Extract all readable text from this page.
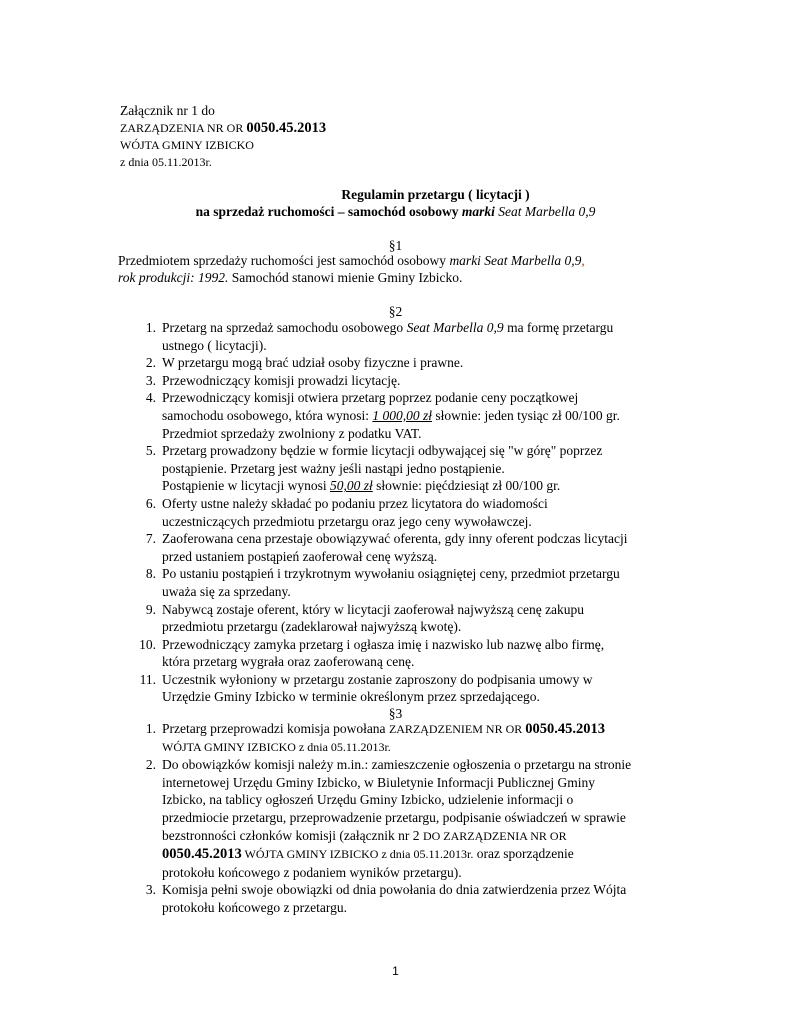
Załącznik nr 1 do
ZARZĄDZENIA NR OR 0050.45.2013
WÓJTA GMINY IZBICKO
z dnia 05.11.2013r.
Regulamin przetargu ( licytacji )
na sprzedaż ruchomości – samochód osobowy marki Seat Marbella 0,9
§1
Przedmiotem sprzedaży ruchomości jest samochód osobowy marki Seat Marbella 0,9,
rok produkcji: 1992. Samochód stanowi mienie Gminy Izbicko.
§2
1. Przetarg na sprzedaż samochodu osobowego Seat Marbella 0,9 ma formę przetargu
ustnego ( licytacji).
2. W przetargu mogą brać udział osoby fizyczne i prawne.
3. Przewodniczący komisji prowadzi licytację.
4. Przewodniczący komisji otwiera przetarg poprzez podanie ceny początkowej
samochodu osobowego, która wynosi: 1 000,00 zł słownie: jeden tysiąc zł 00/100 gr.
Przedmiot sprzedaży zwolniony z podatku VAT.
5. Przetarg prowadzony będzie w formie licytacji odbywającej się "w górę" poprzez
postąpienie. Przetarg jest ważny jeśli nastąpi jedno postąpienie.
Postąpienie w licytacji wynosi 50,00 zł słownie: pięćdziesiąt zł 00/100 gr.
6. Oferty ustne należy składać po podaniu przez licytatora do wiadomości
uczestniczących przedmiotu przetargu oraz jego ceny wywoławczej.
7. Zaoferowana cena przestaje obowiązywać oferenta, gdy inny oferent podczas licytacji
przed ustaniem postąpień zaoferował cenę wyższą.
8. Po ustaniu postąpień i trzykrotnym wywołaniu osiągniętej ceny, przedmiot przetargu
uważa się za sprzedany.
9. Nabywcą zostaje oferent, który w licytacji zaoferował najwyższą cenę zakupu
przedmiotu przetargu (zadeklarował najwyższą kwotę).
10. Przewodniczący zamyka przetarg i ogłasza imię i nazwisko lub nazwę albo firmę,
która przetarg wygrała oraz zaoferowaną cenę.
11. Uczestnik wyłoniony w przetargu zostanie zaproszony do podpisania umowy w
Urzędzie Gminy Izbicko w terminie określonym przez sprzedającego.
§3
1. Przetarg przeprowadzi komisja powołana ZARZĄDZENIEM NR OR 0050.45.2013
WÓJTA GMINY IZBICKO z dnia 05.11.2013r.
2. Do obowiązków komisji należy m.in.: zamieszczenie ogłoszenia o przetargu na stronie
internetowej Urzędu Gminy Izbicko, w Biuletynie Informacji Publicznej Gminy
Izbicko, na tablicy ogłoszeń Urzędu Gminy Izbicko, udzielenie informacji o
przedmiocie przetargu, przeprowadzenie przetargu, podpisanie oświadczeń w sprawie
bezstronności członków komisji (załącznik nr 2 DO ZARZĄDZENIA NR OR
0050.45.2013 WÓJTA GMINY IZBICKO z dnia 05.11.2013r. oraz sporządzenie
protokołu końcowego z podaniem wyników przetargu).
3. Komisja pełni swoje obowiązki od dnia powołania do dnia zatwierdzenia przez Wójta
protokołu końcowego z przetargu.
1
